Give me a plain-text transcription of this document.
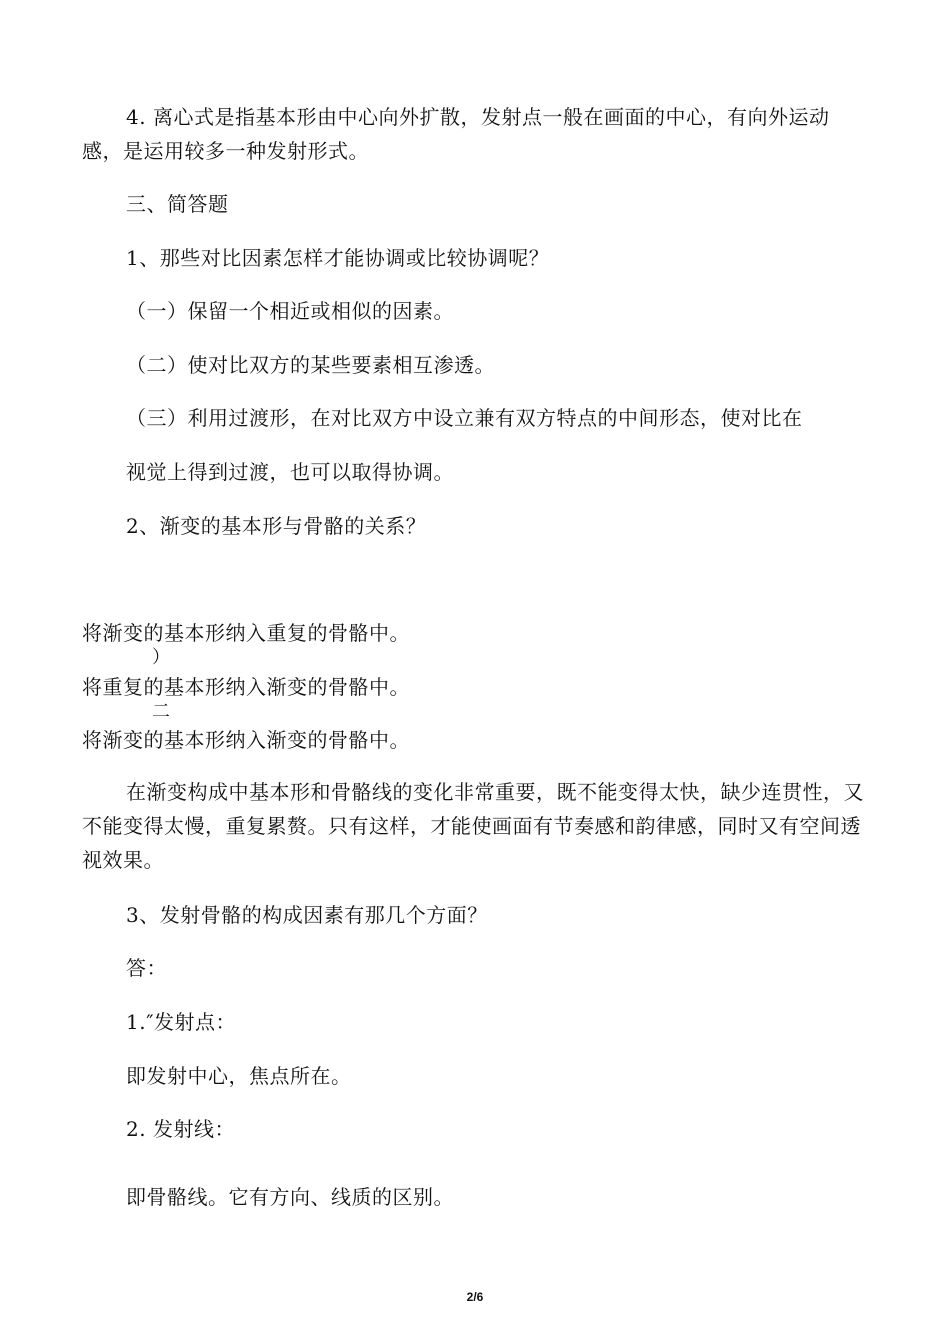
4. 离心式是指基本形由中心向外扩散，发射点一般在画面的中心，有向外运动感，是运用较多一种发射形式。

三、简答题

1、那些对比因素怎样才能协调或比较协调呢？

（一）保留一个相近或相似的因素。

（二）使对比双方的某些要素相互渗透。

（三）利用过渡形，在对比双方中设立兼有双方特点的中间形态，使对比在

视觉上得到过渡，也可以取得协调。

2、渐变的基本形与骨骼的关系？

将渐变的基本形纳入重复的骨骼中。

）

将重复的基本形纳入渐变的骨骼中。

二

将渐变的基本形纳入渐变的骨骼中。

在渐变构成中基本形和骨骼线的变化非常重要，既不能变得太快，缺少连贯性，又不能变得太慢，重复累赘。只有这样，才能使画面有节奏感和韵律感，同时又有空间透视效果。

3、发射骨骼的构成因素有那几个方面？

答：

1.″发射点：

即发射中心，焦点所在。

2. 发射线：

即骨骼线。它有方向、线质的区别。

2/6
